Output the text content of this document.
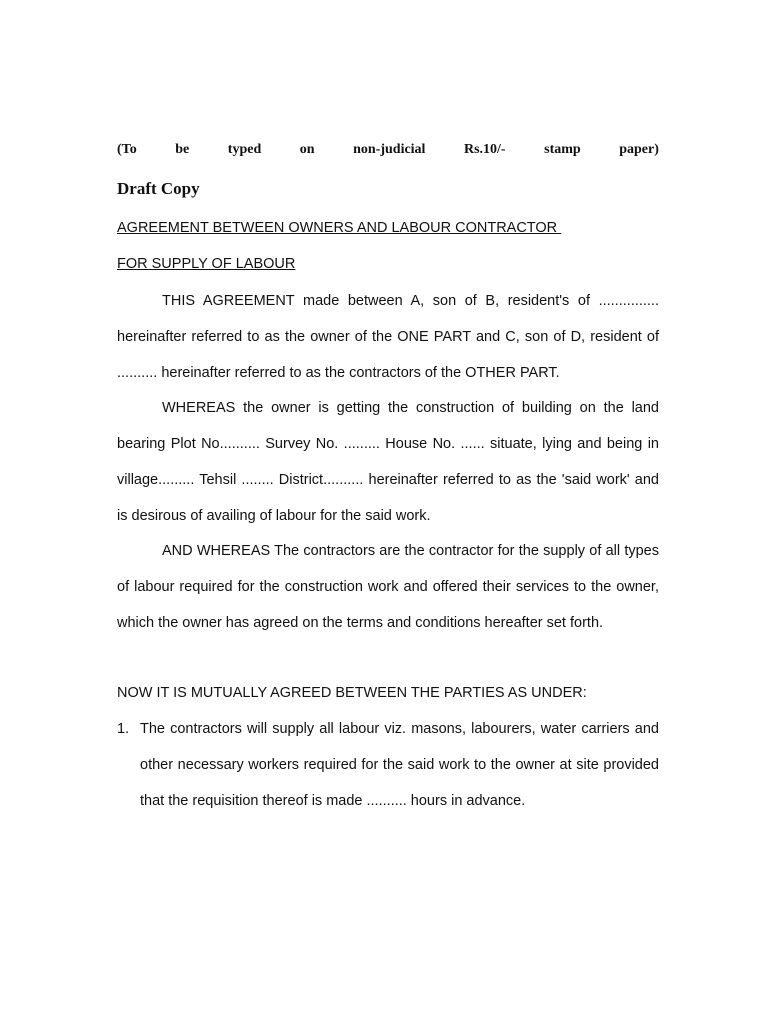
(To	be	typed	on	non-judicial	Rs.10/-	stamp	paper)
Draft Copy
AGREEMENT BETWEEN OWNERS AND LABOUR CONTRACTOR
FOR SUPPLY OF LABOUR

THIS AGREEMENT made between A, son of B, resident's of ............... hereinafter referred to as the owner of the ONE PART and C, son of D, resident of .......... hereinafter referred to as the contractors of the OTHER PART.

WHEREAS the owner is getting the construction of building on the land bearing Plot No.......... Survey No. ......... House No. ...... situate, lying and being in village......... Tehsil ........ District.......... hereinafter referred to as the 'said work' and is desirous of availing of labour for the said work.

AND WHEREAS The contractors are the contractor for the supply of all types of labour required for the construction work and offered their services to the owner, which the owner has agreed on the terms and conditions hereafter set forth.

NOW IT IS MUTUALLY AGREED BETWEEN THE PARTIES AS UNDER:
1. The contractors will supply all labour viz. masons, labourers, water carriers and other necessary workers required for the said work to the owner at site provided that the requisition thereof is made .......... hours in advance.
